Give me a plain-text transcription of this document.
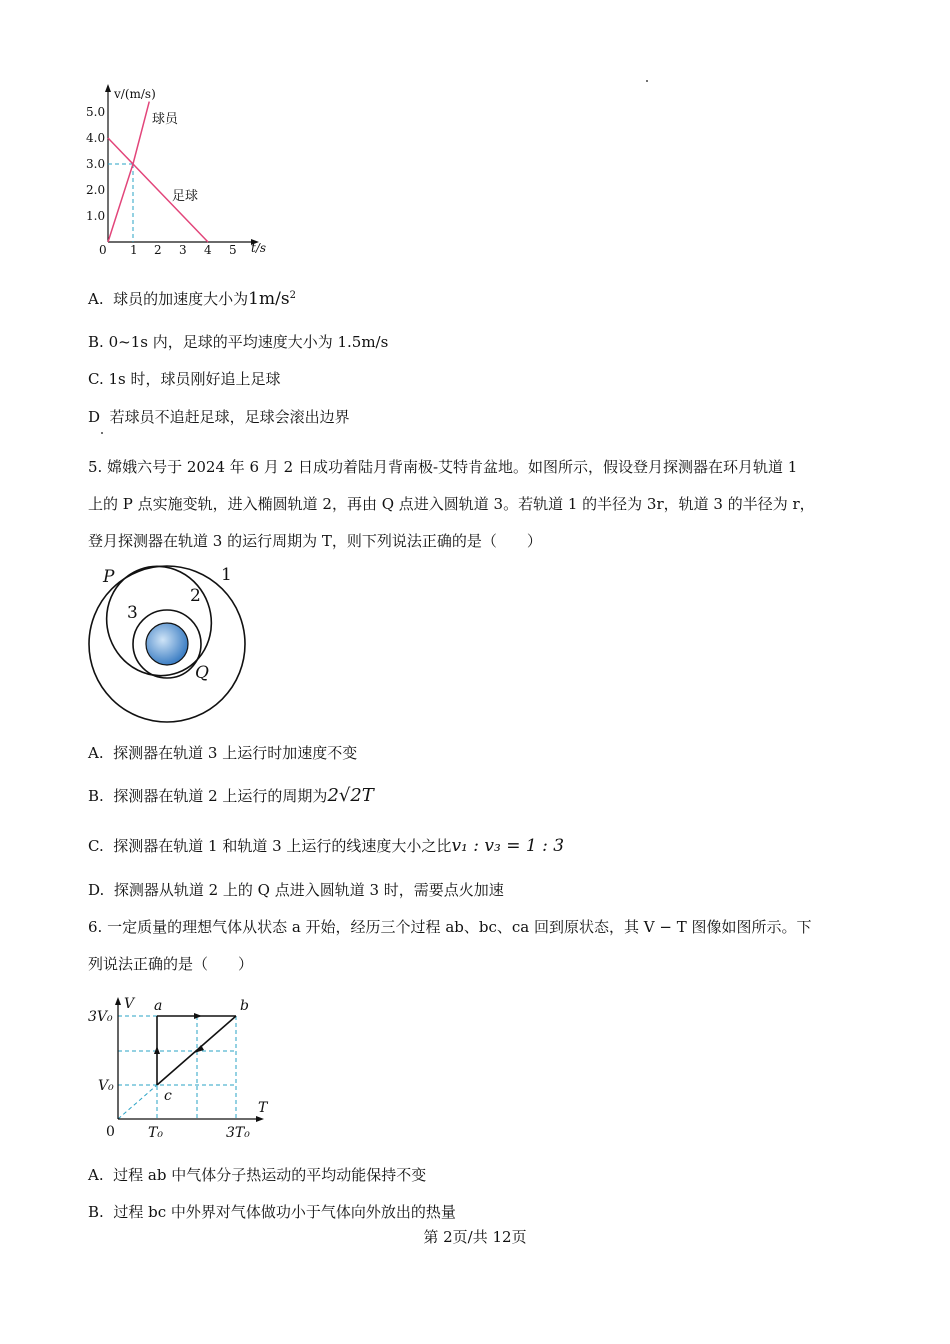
0 1 2 3 4 5 t/s
1.0
2.0
3.0
4.0
5.0
v/(m/s)
球员
足球
A. 球员的加速度大小为$1m/s^2$
B. 0~1s 内，足球的平均速度大小为 1.5m/s
C. 1s 时，球员刚好追上足球
D 若球员不追赶足球，足球会滚出边界
5. 嫦娥六号于 2024 年 6 月 2 日成功着陆月背南极-艾特肯盆地。如图所示，假设登月探测器在环月轨道 1
上的 P 点实施变轨，进入椭圆轨道 2，再由 Q 点进入圆轨道 3。若轨道 1 的半径为 3r，轨道 3 的半径为 r，
登月探测器在轨道 3 的运行周期为 T，则下列说法正确的是（　　）
P
Q
1
2
3
A. 探测器在轨道 3 上运行时加速度不变
B. 探测器在轨道 2 上运行的周期为2√2T
C. 探测器在轨道 1 和轨道 3 上运行的线速度大小之比v₁ : v₃ = 1 : 3
D. 探测器从轨道 2 上的 Q 点进入圆轨道 3 时，需要点火加速
6. 一定质量的理想气体从状态 a 开始，经历三个过程 ab、bc、ca 回到原状态，其 V − T 图像如图所示。下
列说法正确的是（　　）
V
T
a	b
c
3V₀
V₀
T₀	3T₀
0
A. 过程 ab 中气体分子热运动的平均动能保持不变
B. 过程 bc 中外界对气体做功小于气体向外放出的热量
第 2页/共 12页
